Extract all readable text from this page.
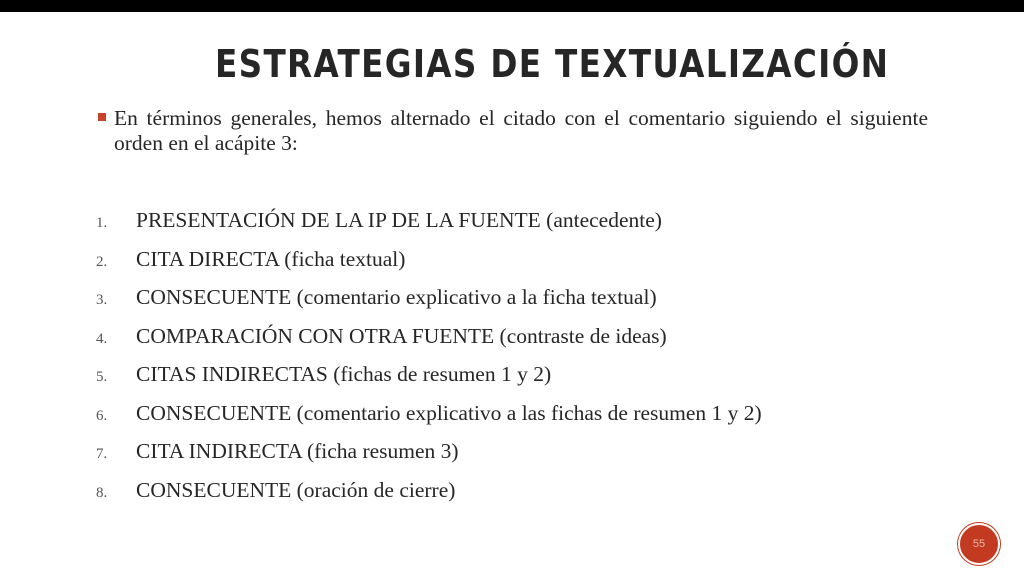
ESTRATEGIAS DE TEXTUALIZACIÓN

En términos generales, hemos alternado el citado con el comentario siguiendo el siguiente orden en el acápite 3:

1. PRESENTACIÓN DE LA IP DE LA FUENTE (antecedente)
2. CITA DIRECTA (ficha textual)
3. CONSECUENTE (comentario explicativo a la ficha textual)
4. COMPARACIÓN CON OTRA FUENTE (contraste de ideas)
5. CITAS INDIRECTAS (fichas de resumen 1 y 2)
6. CONSECUENTE (comentario explicativo a las fichas de resumen 1 y 2)
7. CITA INDIRECTA (ficha resumen 3)
8. CONSECUENTE (oración de cierre)
55
